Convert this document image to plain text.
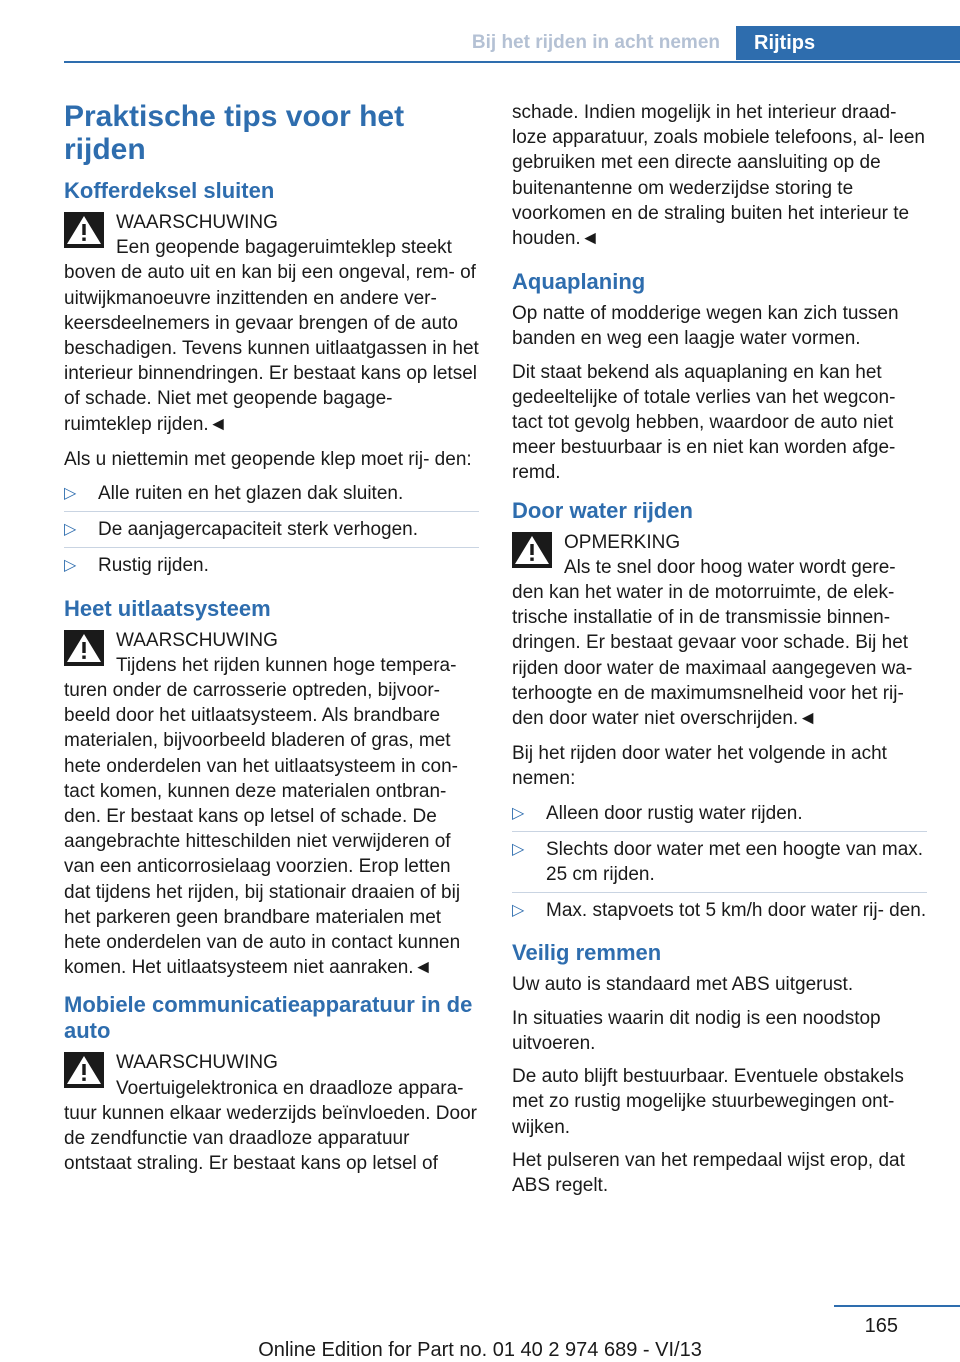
Bij het rijden in acht nemen	Rijtips
Praktische tips voor het rijden
Kofferdeksel sluiten
WAARSCHUWING

Een geopende bagageruimteklep steekt boven de auto uit en kan bij een ongeval, rem- of uitwijkmanoeuvre inzittenden en andere ver- keersdeelnemers in gevaar brengen of de auto beschadigen. Tevens kunnen uitlaatgassen in het interieur binnendringen. Er bestaat kans op letsel of schade. Niet met geopende bagage- ruimteklep rijden.◄

Als u niettemin met geopende klep moet rij- den:

▷ Alle ruiten en het glazen dak sluiten.
▷ De aanjagercapaciteit sterk verhogen.
▷ Rustig rijden.
Heet uitlaatsysteem
WAARSCHUWING

Tijdens het rijden kunnen hoge tempera- turen onder de carrosserie optreden, bijvoor- beeld door het uitlaatsysteem. Als brandbare materialen, bijvoorbeeld bladeren of gras, met hete onderdelen van het uitlaatsysteem in con- tact komen, kunnen deze materialen ontbran- den. Er bestaat kans op letsel of schade. De aangebrachte hitteschilden niet verwijderen of van een anticorrosielaag voorzien. Erop letten dat tijdens het rijden, bij stationair draaien of bij het parkeren geen brandbare materialen met hete onderdelen van de auto in contact kunnen komen. Het uitlaatsysteem niet aanraken.◄

Mobiele communicatieapparatuur in de auto
WAARSCHUWING

Voertuigelektronica en draadloze appara- tuur kunnen elkaar wederzijds beïnvloeden. Door de zendfunctie van draadloze apparatuur ontstaat straling. Er bestaat kans op letsel of

schade. Indien mogelijk in het interieur draad- loze apparatuur, zoals mobiele telefoons, al- leen gebruiken met een directe aansluiting op de buitenantenne om wederzijdse storing te voorkomen en de straling buiten het interieur te houden.◄

Aquaplaning

Op natte of modderige wegen kan zich tussen banden en weg een laagje water vormen.

Dit staat bekend als aquaplaning en kan het gedeeltelijke of totale verlies van het wegcon- tact tot gevolg hebben, waardoor de auto niet meer bestuurbaar is en niet kan worden afge- remd.

Door water rijden
OPMERKING

Als te snel door hoog water wordt gere- den kan het water in de motorruimte, de elek- trische installatie of in de transmissie binnen- dringen. Er bestaat gevaar voor schade. Bij het rijden door water de maximaal aangegeven wa- terhoogte en de maximumsnelheid voor het rij- den door water niet overschrijden.◄

Bij het rijden door water het volgende in acht nemen:

▷ Alleen door rustig water rijden.
▷ Slechts door water met een hoogte van max. 25 cm rijden.
▷ Max. stapvoets tot 5 km/h door water rij- den.
Veilig remmen

Uw auto is standaard met ABS uitgerust.

In situaties waarin dit nodig is een noodstop uitvoeren.

De auto blijft bestuurbaar. Eventuele obstakels met zo rustig mogelijke stuurbewegingen ont- wijken.

Het pulseren van het rempedaal wijst erop, dat ABS regelt.

165
Online Edition for Part no. 01 40 2 974 689 - VI/13
